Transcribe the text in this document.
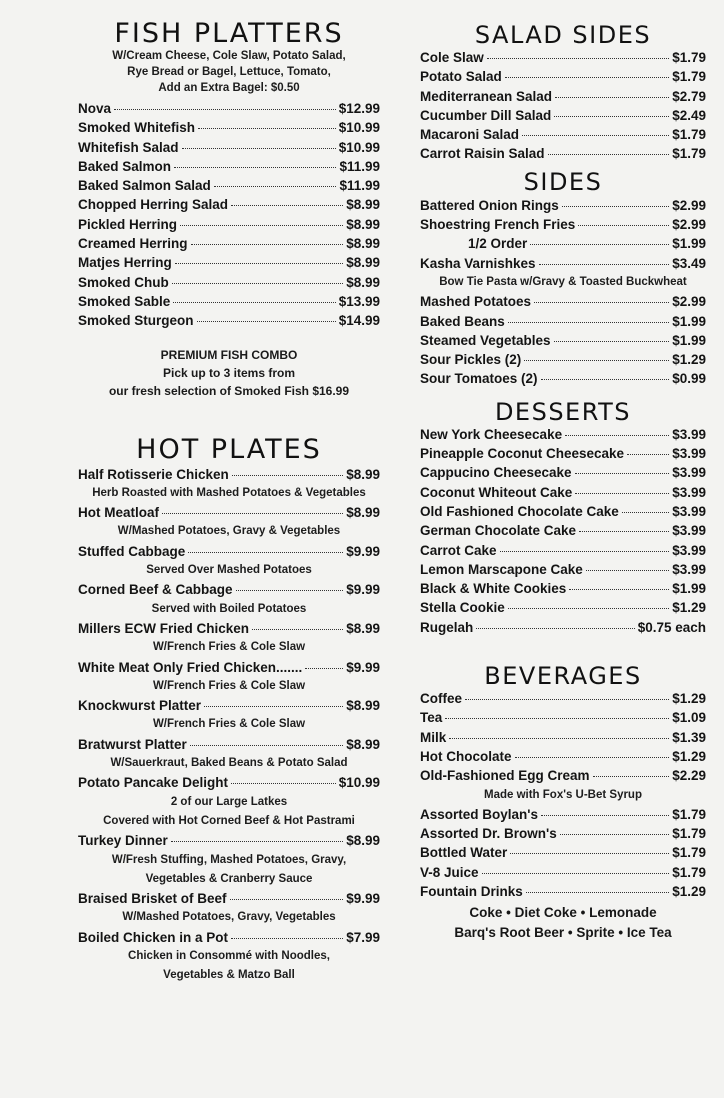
FISH PLATTERS
W/Cream Cheese, Cole Slaw, Potato Salad,
Rye Bread or Bagel, Lettuce, Tomato,
Add an Extra Bagel: $0.50
Nova	$12.99
Smoked Whitefish	$10.99
Whitefish Salad	$10.99
Baked Salmon	$11.99
Baked Salmon Salad	$11.99
Chopped Herring Salad	$8.99
Pickled Herring	$8.99
Creamed Herring	$8.99
Matjes Herring	$8.99
Smoked Chub	$8.99
Smoked Sable	$13.99
Smoked Sturgeon	$14.99
PREMIUM FISH COMBO
Pick up to 3 items from
our fresh selection of Smoked Fish $16.99
HOT PLATES
Half Rotisserie Chicken	$8.99
Herb Roasted with Mashed Potatoes & Vegetables
Hot Meatloaf	$8.99
W/Mashed Potatoes, Gravy & Vegetables
Stuffed Cabbage	$9.99
Served Over Mashed Potatoes
Corned Beef & Cabbage	$9.99
Served with Boiled Potatoes
Millers ECW Fried Chicken	$8.99
W/French Fries & Cole Slaw
White Meat Only Fried Chicken.......	$9.99
W/French Fries & Cole Slaw
Knockwurst Platter	$8.99
W/French Fries & Cole Slaw
Bratwurst Platter	$8.99
W/Sauerkraut, Baked Beans & Potato Salad
Potato Pancake Delight	$10.99
2 of our Large Latkes
Covered with Hot Corned Beef & Hot Pastrami
Turkey Dinner	$8.99
W/Fresh Stuffing, Mashed Potatoes, Gravy,
Vegetables & Cranberry Sauce
Braised Brisket of Beef	$9.99
W/Mashed Potatoes, Gravy, Vegetables
Boiled Chicken in a Pot	$7.99
Chicken in Consommé with Noodles,
Vegetables & Matzo Ball
SALAD SIDES
Cole Slaw	$1.79
Potato Salad	$1.79
Mediterranean Salad	$2.79
Cucumber Dill Salad	$2.49
Macaroni Salad	$1.79
Carrot Raisin Salad	$1.79
SIDES
Battered Onion Rings	$2.99
Shoestring French Fries	$2.99
1/2 Order	$1.99
Kasha Varnishkes	$3.49
Bow Tie Pasta w/Gravy & Toasted Buckwheat
Mashed Potatoes	$2.99
Baked Beans	$1.99
Steamed Vegetables	$1.99
Sour Pickles (2)	$1.29
Sour Tomatoes (2)	$0.99
DESSERTS
New York Cheesecake	$3.99
Pineapple Coconut Cheesecake	$3.99
Cappucino Cheesecake	$3.99
Coconut Whiteout Cake	$3.99
Old Fashioned Chocolate Cake	$3.99
German Chocolate Cake	$3.99
Carrot Cake	$3.99
Lemon Marscapone Cake	$3.99
Black & White Cookies	$1.99
Stella Cookie	$1.29
Rugelah	$0.75 each
BEVERAGES
Coffee	$1.29
Tea	$1.09
Milk	$1.39
Hot Chocolate	$1.29
Old-Fashioned Egg Cream	$2.29
Made with Fox's U-Bet Syrup
Assorted Boylan's	$1.79
Assorted Dr. Brown's	$1.79
Bottled Water	$1.79
V-8 Juice	$1.79
Fountain Drinks	$1.29
Coke • Diet Coke • Lemonade
Barq's Root Beer • Sprite • Ice Tea
